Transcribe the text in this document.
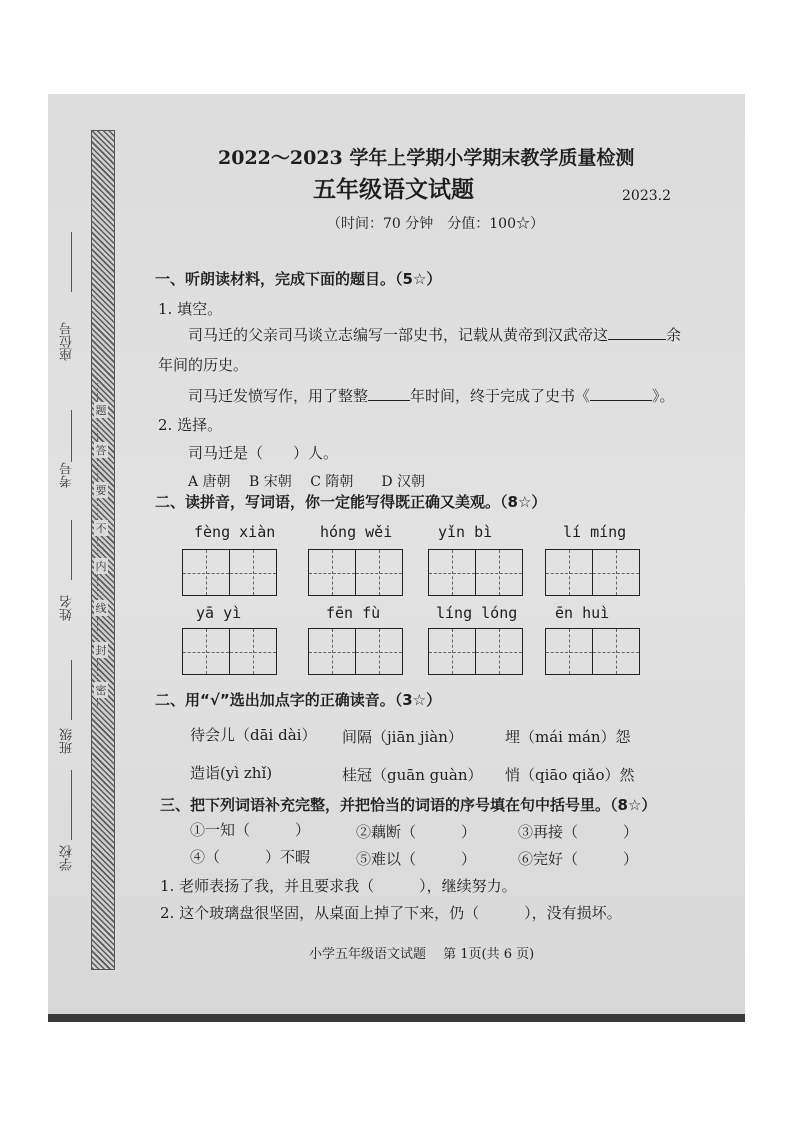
座位号
考号
姓名
班级
学校
题
答
要
不
内
线
封
密
2022～2023 学年上学期小学期末教学质量检测
五年级语文试题	2023.2
（时间：70 分钟　分值：100☆）
一、听朗读材料，完成下面的题目。（5☆）
1. 填空。
司马迁的父亲司马谈立志编写一部史书，记载从黄帝到汉武帝这	余
年间的历史。
司马迁发愤写作，用了整整	年时间，终于完成了史书《	》。
2. 选择。
司马迁是（　　）人。
A 唐朝　 B 宋朝　 C 隋朝　　D 汉朝
二、读拼音，写词语，你一定能写得既正确又美观。（8☆）
fèng xiàn	hóng wěi	yǐn bì	lí míng
yā yì	fēn fù	líng lóng	ēn huì
二、用“√”选出加点字的正确读音。（3☆）
待会儿（dāi dài） 间隔（jiān jiàn）	埋（mái mán）怨
造诣(yì zhǐ)	桂冠（guān guàn） 悄（qiāo qiǎo）然
三、把下列词语补充完整，并把恰当的词语的序号填在句中括号里。（8☆）
①一知（　　　）	②藕断（　　　）	③再接（　　　）
④（　　　）不暇	⑤难以（　　　）	⑥完好（　　　）
1. 老师表扬了我，并且要求我（　　　），继续努力。
2. 这个玻璃盘很坚固，从桌面上掉了下来，仍（　　　），没有损坏。
小学五年级语文试题　 第 1页(共 6 页)
